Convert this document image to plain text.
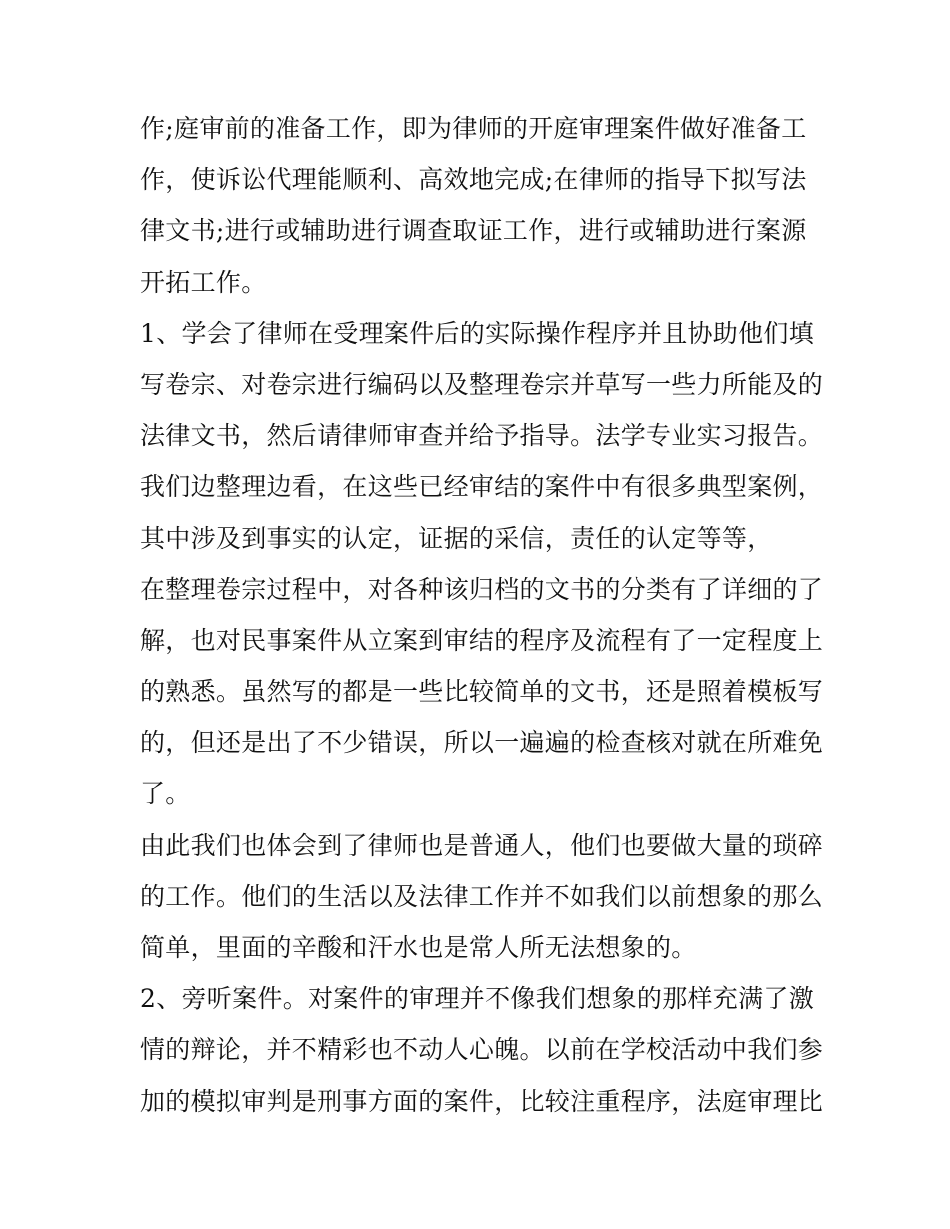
作;庭审前的准备工作，即为律师的开庭审理案件做好准备工

作，使诉讼代理能顺利、高效地完成;在律师的指导下拟写法

律文书;进行或辅助进行调查取证工作，进行或辅助进行案源

开拓工作。

1、学会了律师在受理案件后的实际操作程序并且协助他们填

写卷宗、对卷宗进行编码以及整理卷宗并草写一些力所能及的

法律文书，然后请律师审查并给予指导。法学专业实习报告。

我们边整理边看，在这些已经审结的案件中有很多典型案例，

其中涉及到事实的认定，证据的采信，责任的认定等等，

在整理卷宗过程中，对各种该归档的文书的分类有了详细的了

解，也对民事案件从立案到审结的程序及流程有了一定程度上

的熟悉。虽然写的都是一些比较简单的文书，还是照着模板写

的，但还是出了不少错误，所以一遍遍的检查核对就在所难免

了。

由此我们也体会到了律师也是普通人，他们也要做大量的琐碎

的工作。他们的生活以及法律工作并不如我们以前想象的那么

简单，里面的辛酸和汗水也是常人所无法想象的。

2、旁听案件。对案件的审理并不像我们想象的那样充满了激

情的辩论，并不精彩也不动人心魄。以前在学校活动中我们参

加的模拟审判是刑事方面的案件，比较注重程序，法庭审理比
